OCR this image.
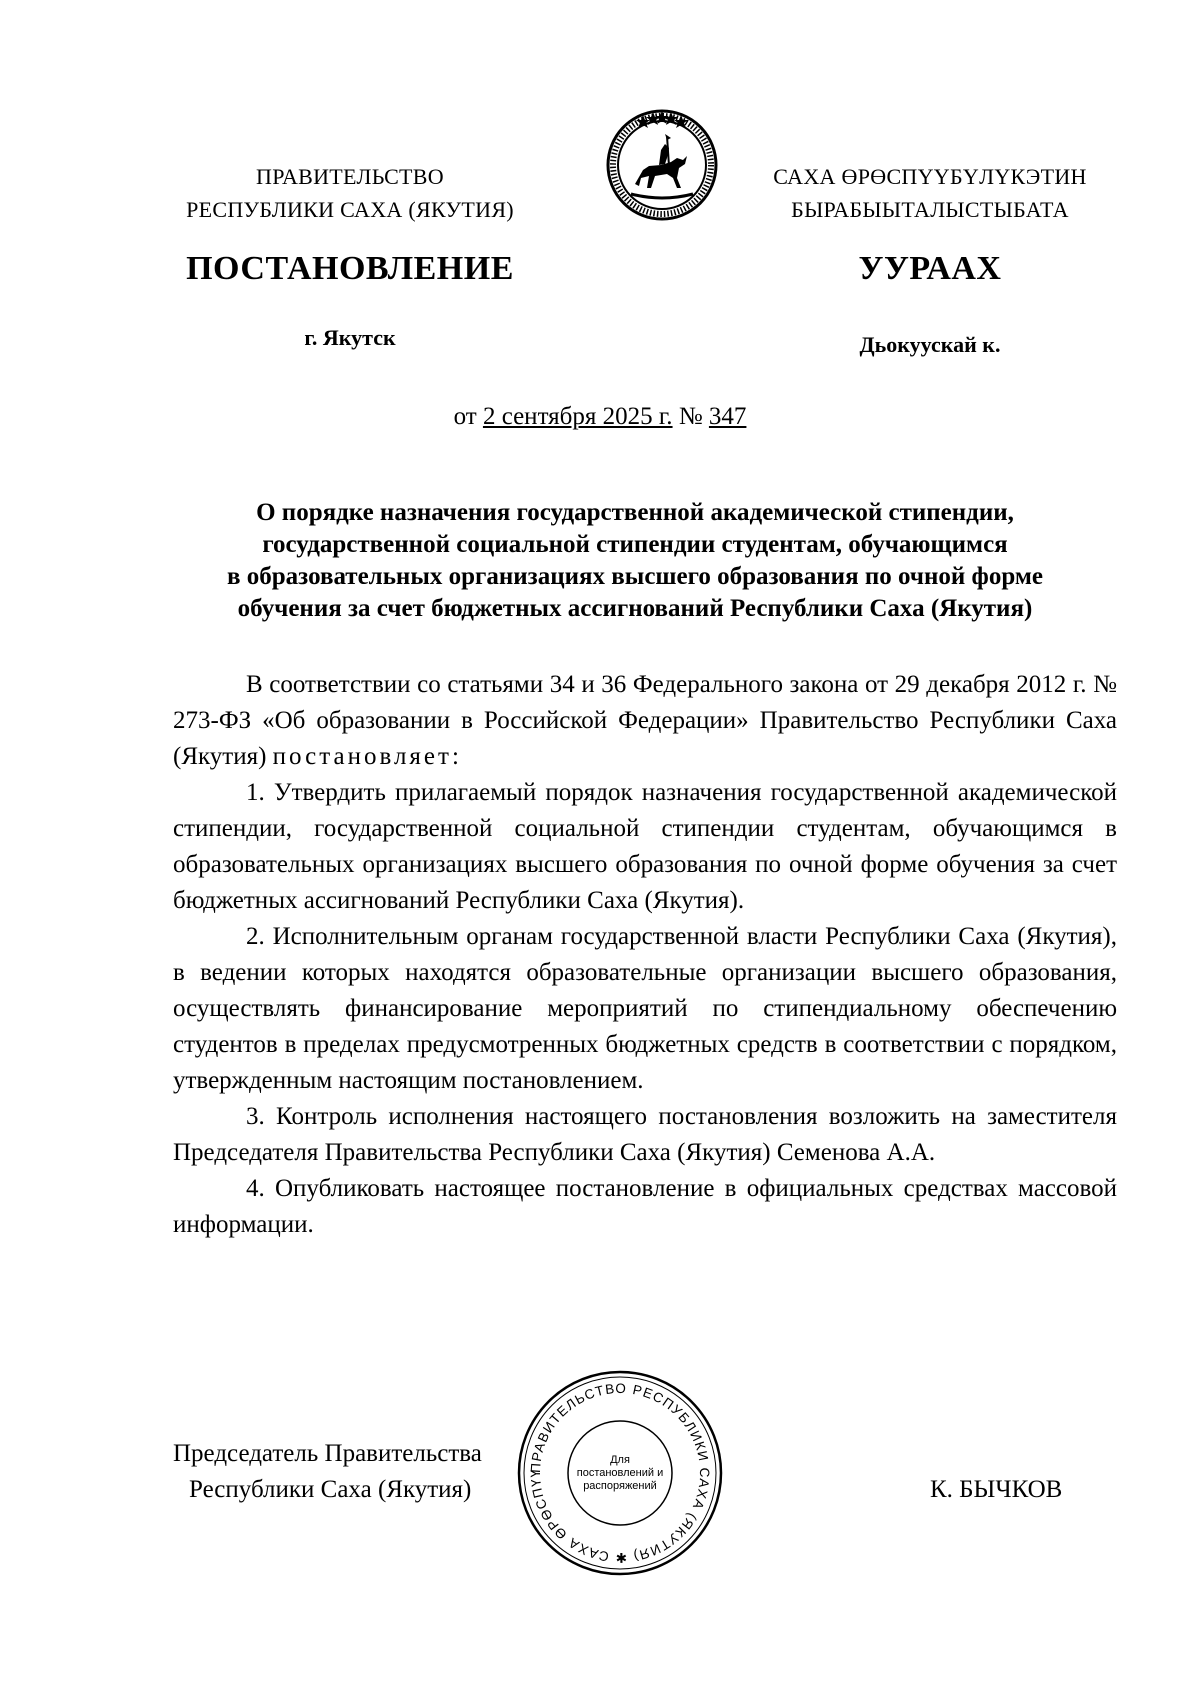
ПРАВИТЕЛЬСТВО
РЕСПУБЛИКИ САХА (ЯКУТИЯ)
САХА ӨРӨСПҮҮБҮЛҮКЭТИН
БЫРАБЫЫТАЛЫСТЫБАТА
ПОСТАНОВЛЕНИЕ	УУРААХ
г. Якутск	Дьокуускай к.
от 2 сентября 2025 г. № 347
О порядке назначения государственной академической стипендии,
государственной социальной стипендии студентам, обучающимся
в образовательных организациях высшего образования по очной форме
обучения за счет бюджетных ассигнований Республики Саха (Якутия)

В соответствии со статьями 34 и 36 Федерального закона от 29 декабря 2012 г. № 273-ФЗ «Об образовании в Российской Федерации» Правительство Республики Саха (Якутия) постановляет:

1. Утвердить прилагаемый порядок назначения государственной академической стипендии, государственной социальной стипендии студентам, обучающимся в образовательных организациях высшего образования по очной форме обучения за счет бюджетных ассигнований Республики Саха (Якутия).

2. Исполнительным органам государственной власти Республики Саха (Якутия), в ведении которых находятся образовательные организации высшего образования, осуществлять финансирование мероприятий по стипендиальному обеспечению студентов в пределах предусмотренных бюджетных средств в соответствии с порядком, утвержденным настоящим постановлением.

3. Контроль исполнения настоящего постановления возложить на заместителя Председателя Правительства Республики Саха (Якутия) Семенова А.А.

4. Опубликовать настоящее постановление в официальных средствах массовой информации.

Председатель Правительства
Республики Саха (Якутия)	К. БЫЧКОВ
ПРАВИТЕЛЬСТВО РЕСПУБЛИКИ САХА (ЯКУТИЯ) ✱ САХА ӨРӨСПҮҮ
Для
постановлений и
распоряжений
